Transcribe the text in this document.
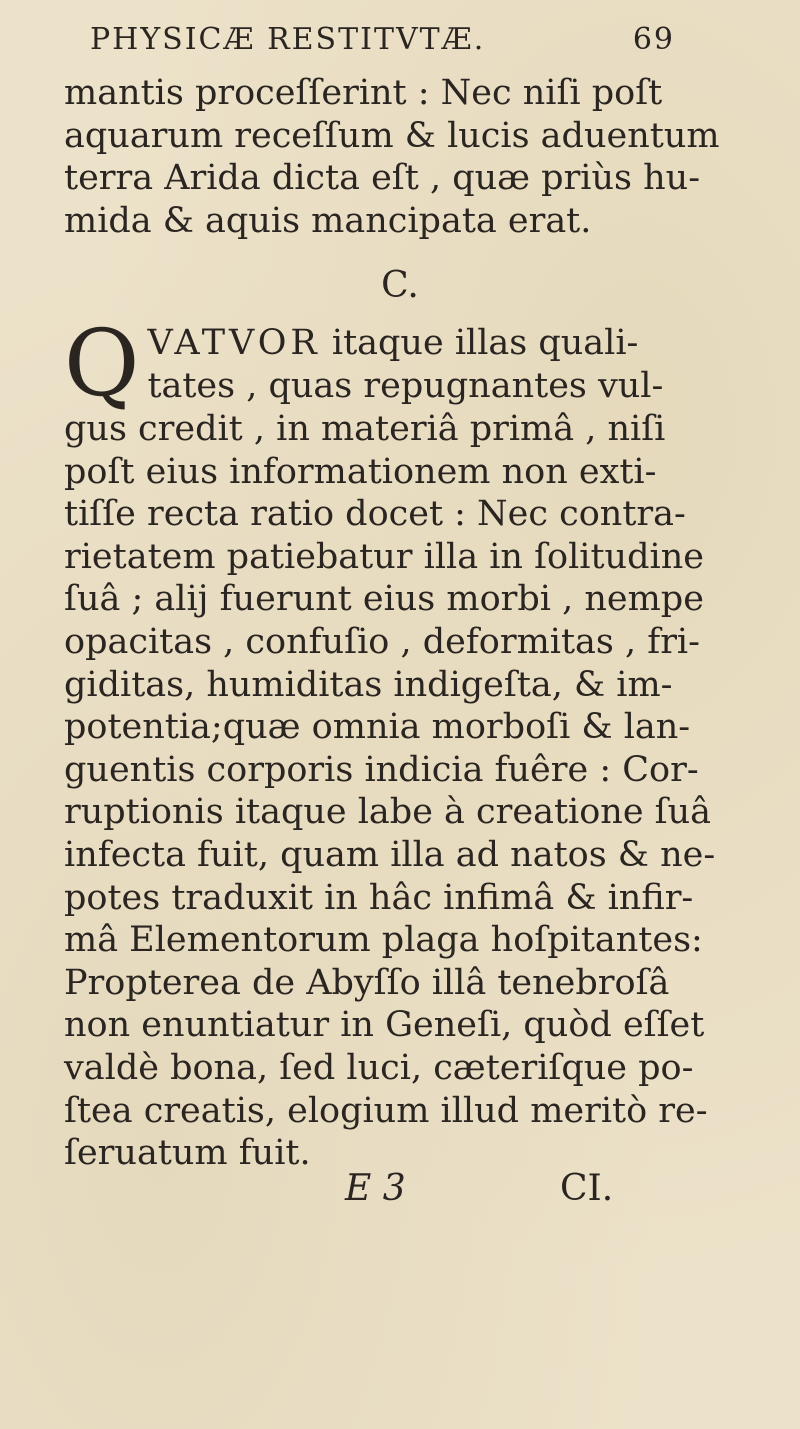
PHYSICÆ RESTITVTÆ.	69
mantis proceſſerint : Nec niſi poſt
aquarum receſſum & lucis aduentum
terra Arida dicta eſt , quæ priùs hu-
mida & aquis mancipata erat.
C.
Q VATVOR itaque illas quali-
tates , quas repugnantes vul-
gus credit , in materiâ primâ , niſi
poſt eius informationem non exti-
tiſſe recta ratio docet : Nec contra-
rietatem patiebatur illa in ſolitudine
ſuâ ; alij fuerunt eius morbi , nempe
opacitas , confuſio , deformitas , fri-
giditas, humiditas indigeſta, & im-
potentia;quæ omnia morboſi & lan-
guentis corporis indicia fuêre : Cor-
ruptionis itaque labe à creatione ſuâ
infecta fuit, quam illa ad natos & ne-
potes traduxit in hâc infimâ & infir-
mâ Elementorum plaga hoſpitantes:
Propterea de Abyſſo illâ tenebroſâ
non enuntiatur in Geneſi, quòd eſſet
valdè bona, ſed luci, cæteriſque po-
ſtea creatis, elogium illud meritò re-
ſeruatum fuit.
E 3	CI.
